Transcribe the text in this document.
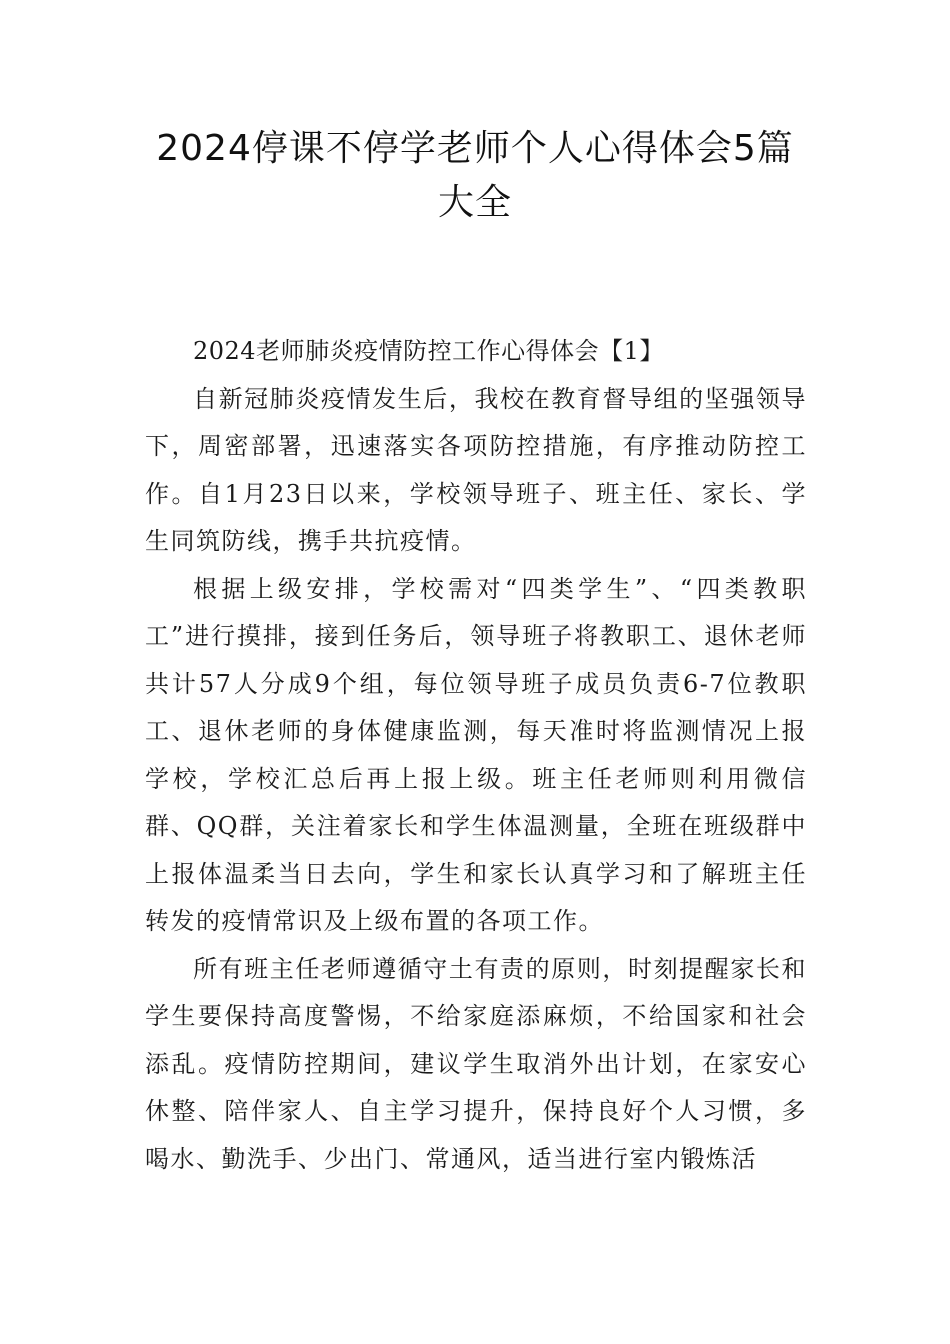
2024停课不停学老师个人心得体会5篇
大全

2024老师肺炎疫情防控工作心得体会【1】

自新冠肺炎疫情发生后，我校在教育督导组的坚强领导下，周密部署，迅速落实各项防控措施，有序推动防控工作。自1月23日以来，学校领导班子、班主任、家长、学生同筑防线，携手共抗疫情。

根据上级安排，学校需对“四类学生”、“四类教职工”进行摸排，接到任务后，领导班子将教职工、退休老师共计57人分成9个组，每位领导班子成员负责6-7位教职工、退休老师的身体健康监测，每天准时将监测情况上报学校，学校汇总后再上报上级。班主任老师则利用微信群、QQ群，关注着家长和学生体温测量，全班在班级群中上报体温柔当日去向，学生和家长认真学习和了解班主任转发的疫情常识及上级布置的各项工作。

所有班主任老师遵循守土有责的原则，时刻提醒家长和学生要保持高度警惕，不给家庭添麻烦，不给国家和社会添乱。疫情防控期间，建议学生取消外出计划，在家安心休整、陪伴家人、自主学习提升，保持良好个人习惯，多喝水、勤洗手、少出门、常通风，适当进行室内锻炼活
